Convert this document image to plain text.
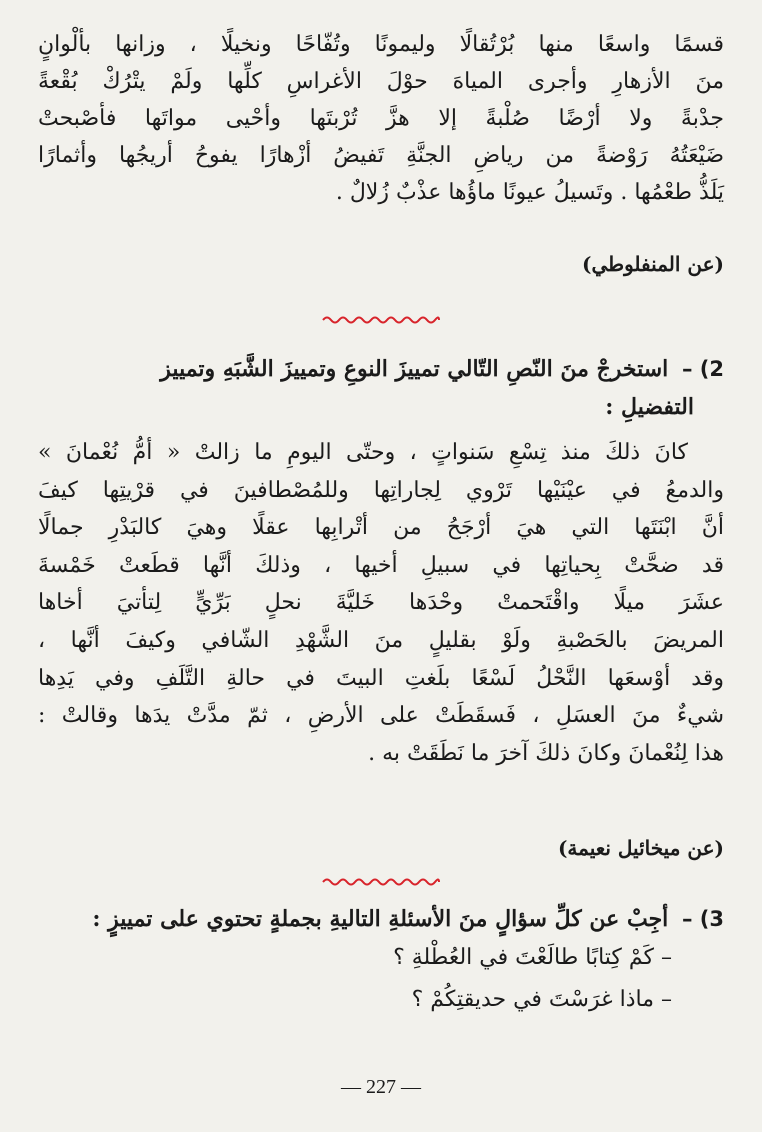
قسمًا واسعًا منها بُرْتُقالًا وليمونًا وتُفّاحًا ونخيلًا ، وزانها بألْوانٍ
منَ الأزهارِ وأجرى المياهَ حوْلَ الأغراسِ كلِّها ولَمْ يتْرُكْ بُقْعةً
جدْبةً ولا أرْضًا صُلْبةً إلا هزَّ تُرْبتَها وأحْيى مواتَها فأصْبحتْ
ضَيْعَتُهُ رَوْضةً من رياضِ الجنَّةِ تَفيضُ أزْهارًا يفوحُ أريجُها وأثمارًا
يَلَذُّ طعْمُها . وتَسيلُ عيونًا ماؤُها عذْبٌ زُلالٌ .
(عن المنفلوطي)
2) – استخرجْ منَ النّصِ التّالي تمييزَ النوعِ وتمييزَ الشَّبَهِ وتمييز
التفضيلِ :
كانَ ذلكَ منذ تِسْعِ سَنواتٍ ، وحتّى اليومِ ما زالتْ « أمُّ نُعْمانَ »
والدمعُ في عيْنَيْها تَرْوي لِجاراتِها وللمُصْطافينَ في قرْيتِها كيفَ
أنَّ ابْنَتَها التي هيَ أرْجَحُ من أتْرابِها عقلًا وهيَ كالبَدْرِ جمالًا
قد ضحَّتْ بِحياتِها في سبيلِ أخيها ، وذلكَ أنَّها قطَعتْ خَمْسةَ
عشَرَ ميلًا واقْتَحمتْ وحْدَها خَليَّةَ نحلٍ بَرِّيٍّ لِتأتيَ أخاها
المريضَ بالحَصْبةِ ولَوْ بقليلٍ منَ الشَّهْدِ الشّافي وكيفَ أنَّها ،
وقد أوْسعَها النَّحْلُ لَسْعًا بلَغتِ البيتَ في حالةِ التَّلَفِ وفي يَدِها
شيءٌ منَ العسَلِ ، فَسقَطَتْ على الأرضِ ، ثمّ مدَّتْ يدَها وقالتْ :
هذا لِنُعْمانَ وكانَ ذلكَ آخرَ ما نَطَقَتْ به .
(عن ميخائيل نعيمة)
3) – أجِبْ عن كلِّ سؤالٍ منَ الأسئلةِ التاليةِ بجملةٍ تحتوي على تمييزٍ :
– كَمْ كِتابًا طالَعْتَ في العُطْلةِ ؟
– ماذا غرَسْتَ في حديقتِكُمْ ؟
— 227 —
